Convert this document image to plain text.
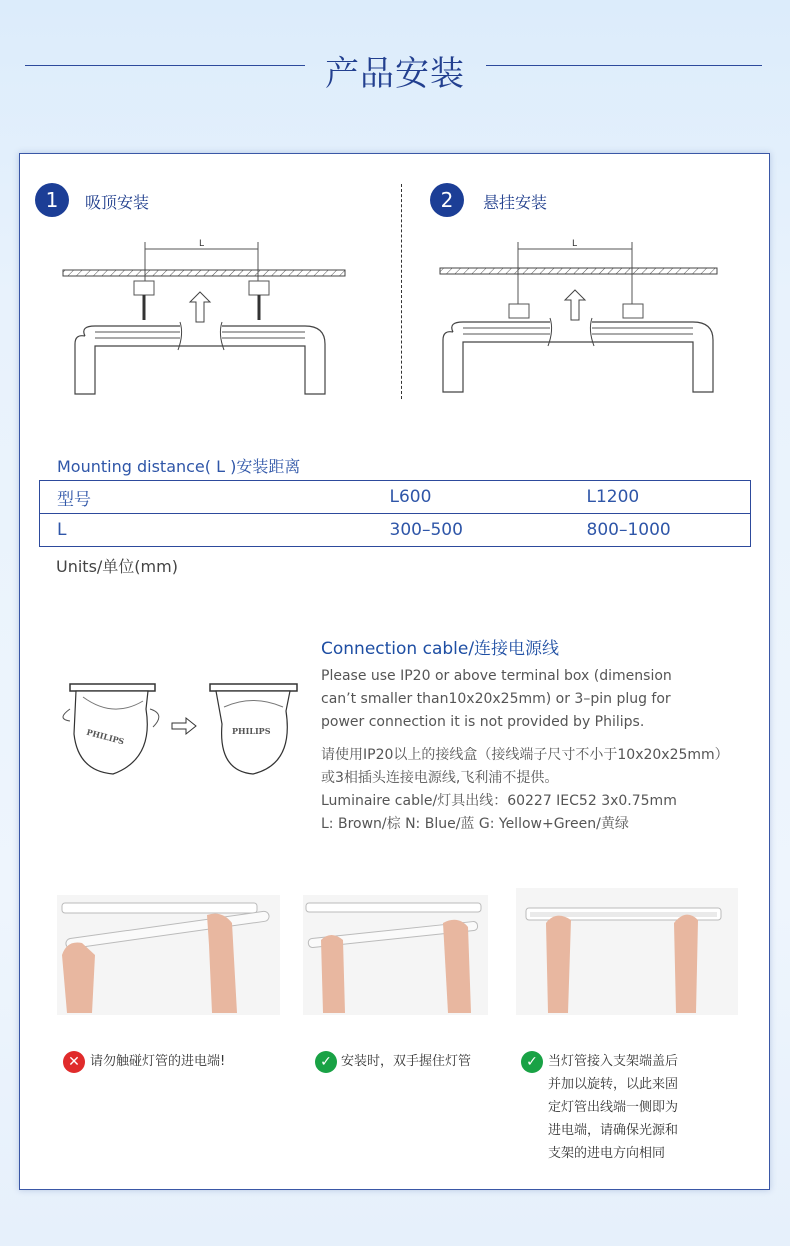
产品安装
1	吸顶安装
L
2	悬挂安装
L
Mounting distance( L )安装距离
型号	L600	L1200
L	300–500	800–1000
Units/单位(mm)
PHILIPS	PHILIPS
Connection cable/连接电源线
Please use IP20 or above terminal box (dimension
can’t smaller than10x20x25mm) or 3–pin plug for
power connection it is not provided by Philips.
请使用IP20以上的接线盒（接线端子尺寸不小于10x20x25mm）
或3相插头连接电源线,飞利浦不提供。
Luminaire cable/灯具出线：60227 IEC52 3x0.75mm
L: Brown/棕 N: Blue/蓝 G: Yellow+Green/黄绿
✕ 请勿触碰灯管的进电端!	✓ 安装时，双手握住灯管	✓ 当灯管接入支架端盖后
并加以旋转，以此来固
定灯管出线端一侧即为
进电端，请确保光源和
支架的进电方向相同
